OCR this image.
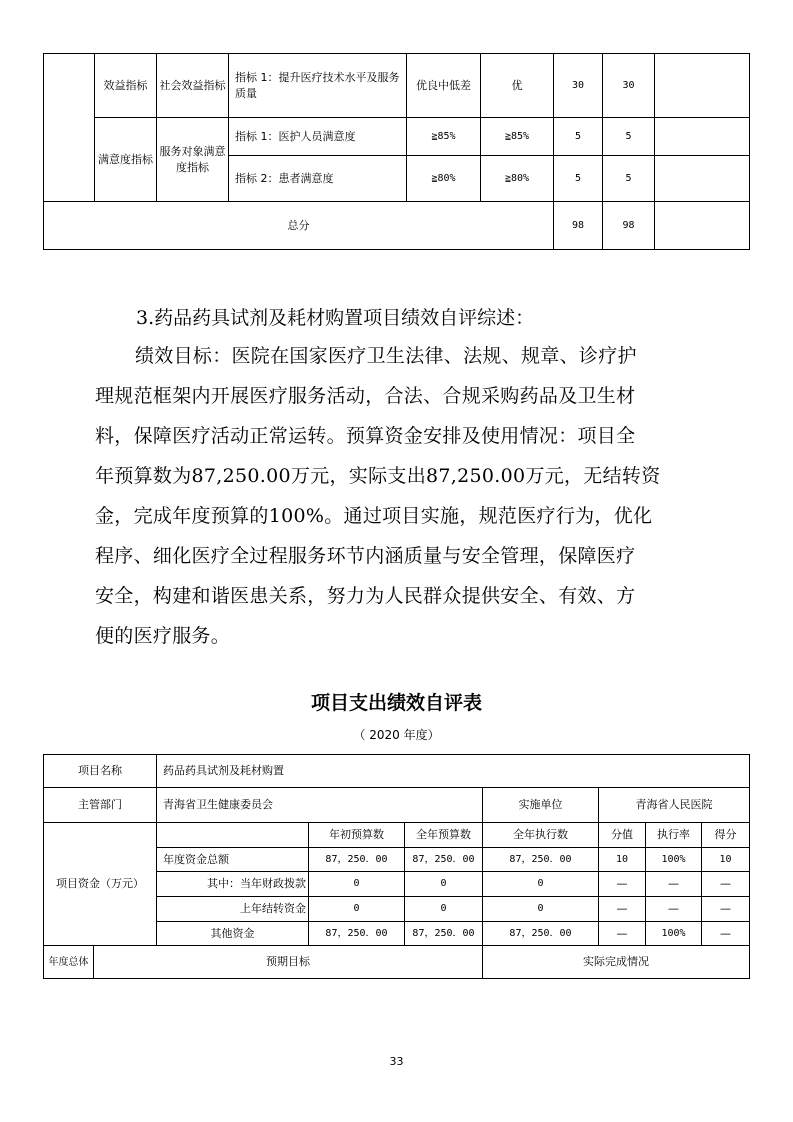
	效益指标	社会效益指标	指标 1：提升医疗技术水平及服务质量	优良中低差	优	30	30	
	满意度指标	服务对象满意度指标	指标 1：医护人员满意度	≧85%	≧85%	5	5	
			指标 2：患者满意度	≧80%	≧80%	5	5	
总分						98	98	
3.药品药具试剂及耗材购置项目绩效自评综述：
绩效目标：医院在国家医疗卫生法律、法规、规章、诊疗护
理规范框架内开展医疗服务活动，合法、合规采购药品及卫生材
料，保障医疗活动正常运转。预算资金安排及使用情况：项目全
年预算数为87,250.00万元，实际支出87,250.00万元，无结转资
金，完成年度预算的100%。通过项目实施，规范医疗行为，优化
程序、细化医疗全过程服务环节内涵质量与安全管理，保障医疗
安全，构建和谐医患关系，努力为人民群众提供安全、有效、方
便的医疗服务。
项目支出绩效自评表
（ 2020 年度）
项目名称		药品药具试剂及耗材购置						
主管部门		青海省卫生健康委员会			实施单位	青海省人民医院		
项目资金（万元）			年初预算数	全年预算数	全年执行数	分值	执行率	得分
		年度资金总额	87，250．00	87，250．00	87，250．00	10	100%	10
		其中：当年财政拨款	0	0	0	—	—	—
		上年结转资金	0	0	0	—	—	—
		其他资金	87，250．00	87，250．00	87，250．00	—	100%	—
年度总体	预期目标				实际完成情况			
33
